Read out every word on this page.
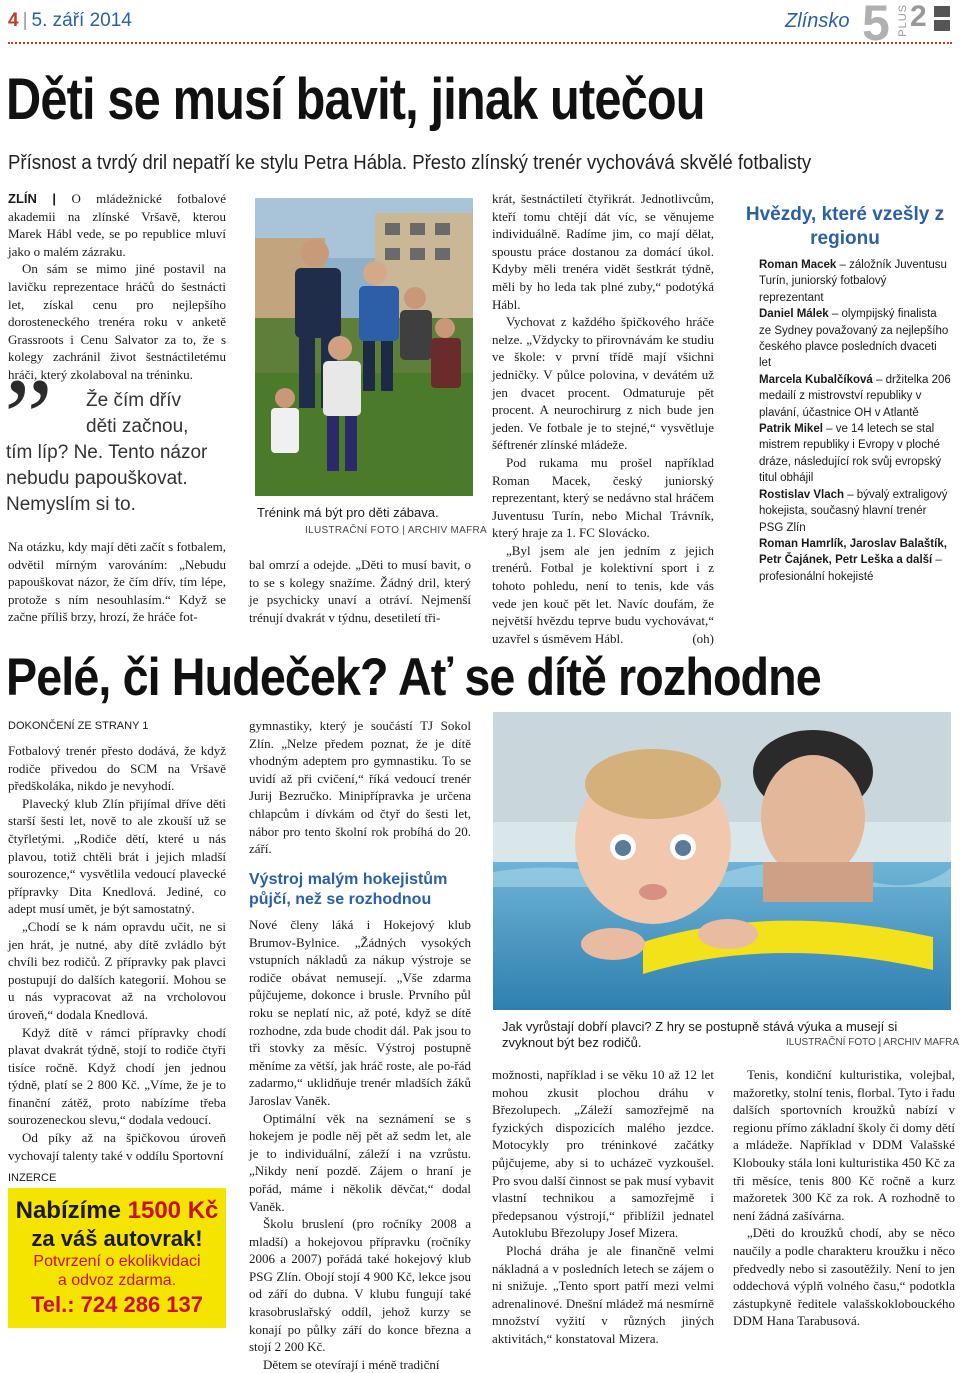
4 | 5. září 2014	Zlínsko 5 PLUS 2
Děti se musí bavit, jinak utečou
Přísnost a tvrdý dril nepatří ke stylu Petra Hábla. Přesto zlínský trenér vychovává skvělé fotbalisty

ZLÍN | O mládežnické fotbalové akademii na zlínské Vršavě, kterou Marek Hábl vede, se po republice mluví jako o malém zázraku.

On sám se mimo jiné postavil na lavičku reprezentace hráčů do šestnácti let, získal cenu pro nejlepšího dorosteneckého trenéra roku v anketě Grassroots i Cenu Salvator za to, že s kolegy zachránil život šestnáctiletému hráči, který zkolaboval na tréninku.

”	Že čím dřív
děti začnou,
tím líp? Ne. Tento názor nebudu papouškovat. Nemyslím si to.

Na otázku, kdy mají děti začít s fotbalem, odvětil mírným varováním: „Nebudu papouškovat názor, že čím dřív, tím lépe, protože s ním nesouhlasím.“ Když se začne příliš brzy, hrozí, že hráče fot-

Trénink má být pro děti zábava.
ILUSTRAČNÍ FOTO | ARCHIV MAFRA

bal omrzí a odejde. „Děti to musí bavit, o to se s kolegy snažíme. Žádný dril, který je psychicky unaví a otráví. Nejmenší trénují dvakrát v týdnu, desetiletí tři-

krát, šestnáctiletí čtyřikrát. Jednotlivcům, kteří tomu chtějí dát víc, se věnujeme individuálně. Radíme jim, co mají dělat, spoustu práce dostanou za domácí úkol. Kdyby měli trenéra vidět šestkrát týdně, měli by ho leda tak plné zuby,“ podotýká Hábl.

Vychovat z každého špičkového hráče nelze. „Vždycky to přirovnávám ke studiu ve škole: v první třídě mají všichni jedničky. V půlce polovina, v devátém už jen dvacet procent. Odmaturuje pět procent. A neurochirurg z nich bude jen jeden. Ve fotbale je to stejné,“ vysvětluje šéftrenér zlínské mládeže.

Pod rukama mu prošel například Roman Macek, český juniorský reprezentant, který se nedávno stal hráčem Juventusu Turín, nebo Michal Trávník, který hraje za 1. FC Slovácko.

„Byl jsem ale jen jedním z jejich trenérů. Fotbal je kolektivní sport i z tohoto pohledu, není to tenis, kde vás vede jen kouč pět let. Navíc doufám, že největší hvězdu teprve budu vychovávat,“ uzavřel s úsměvem Hábl.	(oh)

Hvězdy, které vzešly z regionu
Roman Macek – záložník Juventusu Turín, juniorský fotbalový reprezentant
Daniel Málek – olympijský finalista ze Sydney považovaný za nejlepšího českého plavce posledních dvaceti let
Marcela Kubalčíková – držitelka 206 medailí z mistrovství republiky v plavání, účastnice OH v Atlantě
Patrik Mikel – ve 14 letech se stal mistrem republiky i Evropy v ploché dráze, následující rok svůj evropský titul obhájil
Rostislav Vlach – bývalý extraligový hokejista, současný hlavní trenér PSG Zlín
Roman Hamrlík, Jaroslav Balaštík, Petr Čajánek, Petr Leška a další – profesionální hokejisté
Pelé, či Hudeček? Ať se dítě rozhodne
DOKONČENÍ ZE STRANY 1

Fotbalový trenér přesto dodává, že když rodiče přivedou do SCM na Vršavě předškoláka, nikdo je nevyhodí.

Plavecký klub Zlín přijímal dříve děti starší šesti let, nově to ale zkouší už se čtyřletými. „Rodiče dětí, které u nás plavou, totiž chtěli brát i jejich mladší sourozence,“ vysvětlila vedoucí plavecké přípravky Dita Knedlová. Jediné, co adept musí umět, je být samostatný.

„Chodí se k nám opravdu učit, ne si jen hrát, je nutné, aby dítě zvládlo být chvíli bez rodičů. Z přípravky pak plavci postupují do dalších kategorií. Mohou se u nás vypracovat až na vrcholovou úroveň,“ dodala Knedlová.

Když dítě v rámci přípravky chodí plavat dvakrát týdně, stojí to rodiče čtyři tisíce ročně. Když chodí jen jednou týdně, platí se 2 800 Kč. „Víme, že je to finanční zátěž, proto nabízíme třeba sourozeneckou slevu,“ dodala vedoucí.

Od píky až na špičkovou úroveň vychovají talenty také v oddílu Sportovní

gymnastiky, který je součástí TJ Sokol Zlín. „Nelze předem poznat, že je dítě vhodným adeptem pro gymnastiku. To se uvidí až při cvičení,“ říká vedoucí trenér Jurij Bezručko. Minipřípravka je určena chlapcům i dívkám od čtyř do šesti let, nábor pro tento školní rok probíhá do 20. září.

Výstroj malým hokejistům půjčí, než se rozhodnou

Nové členy láká i Hokejový klub Brumov-Bylnice. „Žádných vysokých vstupních nákladů za nákup výstroje se rodiče obávat nemusejí. „Vše zdarma půjčujeme, dokonce i brusle. Prvního půl roku se neplatí nic, až poté, když se dítě rozhodne, zda bude chodit dál. Pak jsou to tři stovky za měsíc. Výstroj postupně měníme za větší, jak hráč roste, ale po-řád zadarmo,“ uklidňuje trenér mladších žáků Jaroslav Vaněk.

Optimální věk na seznámení se s hokejem je podle něj pět až sedm let, ale je to individuální, záleží i na vzrůstu. „Nikdy není pozdě. Zájem o hraní je pořád, máme i několik děvčat,“ dodal Vaněk.

Školu bruslení (pro ročníky 2008 a mladší) a hokejovou přípravku (ročníky 2006 a 2007) pořádá také hokejový klub PSG Zlín. Obojí stojí 4 900 Kč, lekce jsou od září do dubna. V klubu fungují také krasobruslařský oddíl, jehož kurzy se konají po půlky září do konce března a stojí 2 200 Kč.

Dětem se otevírají i méně tradiční

Jak vyrůstají dobří plavci? Z hry se postupně stává výuka a musejí si zvyknout být bez rodičů.	ILUSTRAČNÍ FOTO | ARCHIV MAFRA

možnosti, například i se věku 10 až 12 let mohou zkusit plochou dráhu v Březolupech. „Záleží samozřejmě na fyzických dispozicích malého jezdce. Motocykly pro tréninkové začátky půjčujeme, aby si to ucházeč vyzkoušel. Pro svou další činnost se pak musí vybavit vlastní technikou a samozřejmě i předepsanou výstrojí,“ přiblížil jednatel Autoklubu Březolupy Josef Mizera.

Plochá dráha je ale finančně velmi nákladná a v posledních letech se zájem o ni snižuje. „Tento sport patří mezi velmi adrenalinové. Dnešní mládež má nesmírně množství vyžití v různých jiných aktivitách,“ konstatoval Mizera.

Tenis, kondiční kulturistika, volejbal, mažoretky, stolní tenis, florbal. Tyto i řadu dalších sportovních kroužků nabízí v regionu přímo základní školy či domy dětí a mládeže. Například v DDM Valašské Klobouky stála loni kulturistika 450 Kč za tři měsíce, tenis 800 Kč ročně a kurz mažoretek 300 Kč za rok. A rozhodně to není žádná zašívárna.

„Děti do kroužků chodí, aby se něco naučily a podle charakteru kroužku i něco předvedly nebo si zasoutěžily. Není to jen oddechová výplň volného času,“ podotkla zástupkyně ředitele valašskoklobouckého DDM Hana Tarabusová.

INZERCE
Nabízíme 1500 Kč
za váš autovrak!
Potvrzení o ekolikvidaci
a odvoz zdarma.
Tel.: 724 286 137
